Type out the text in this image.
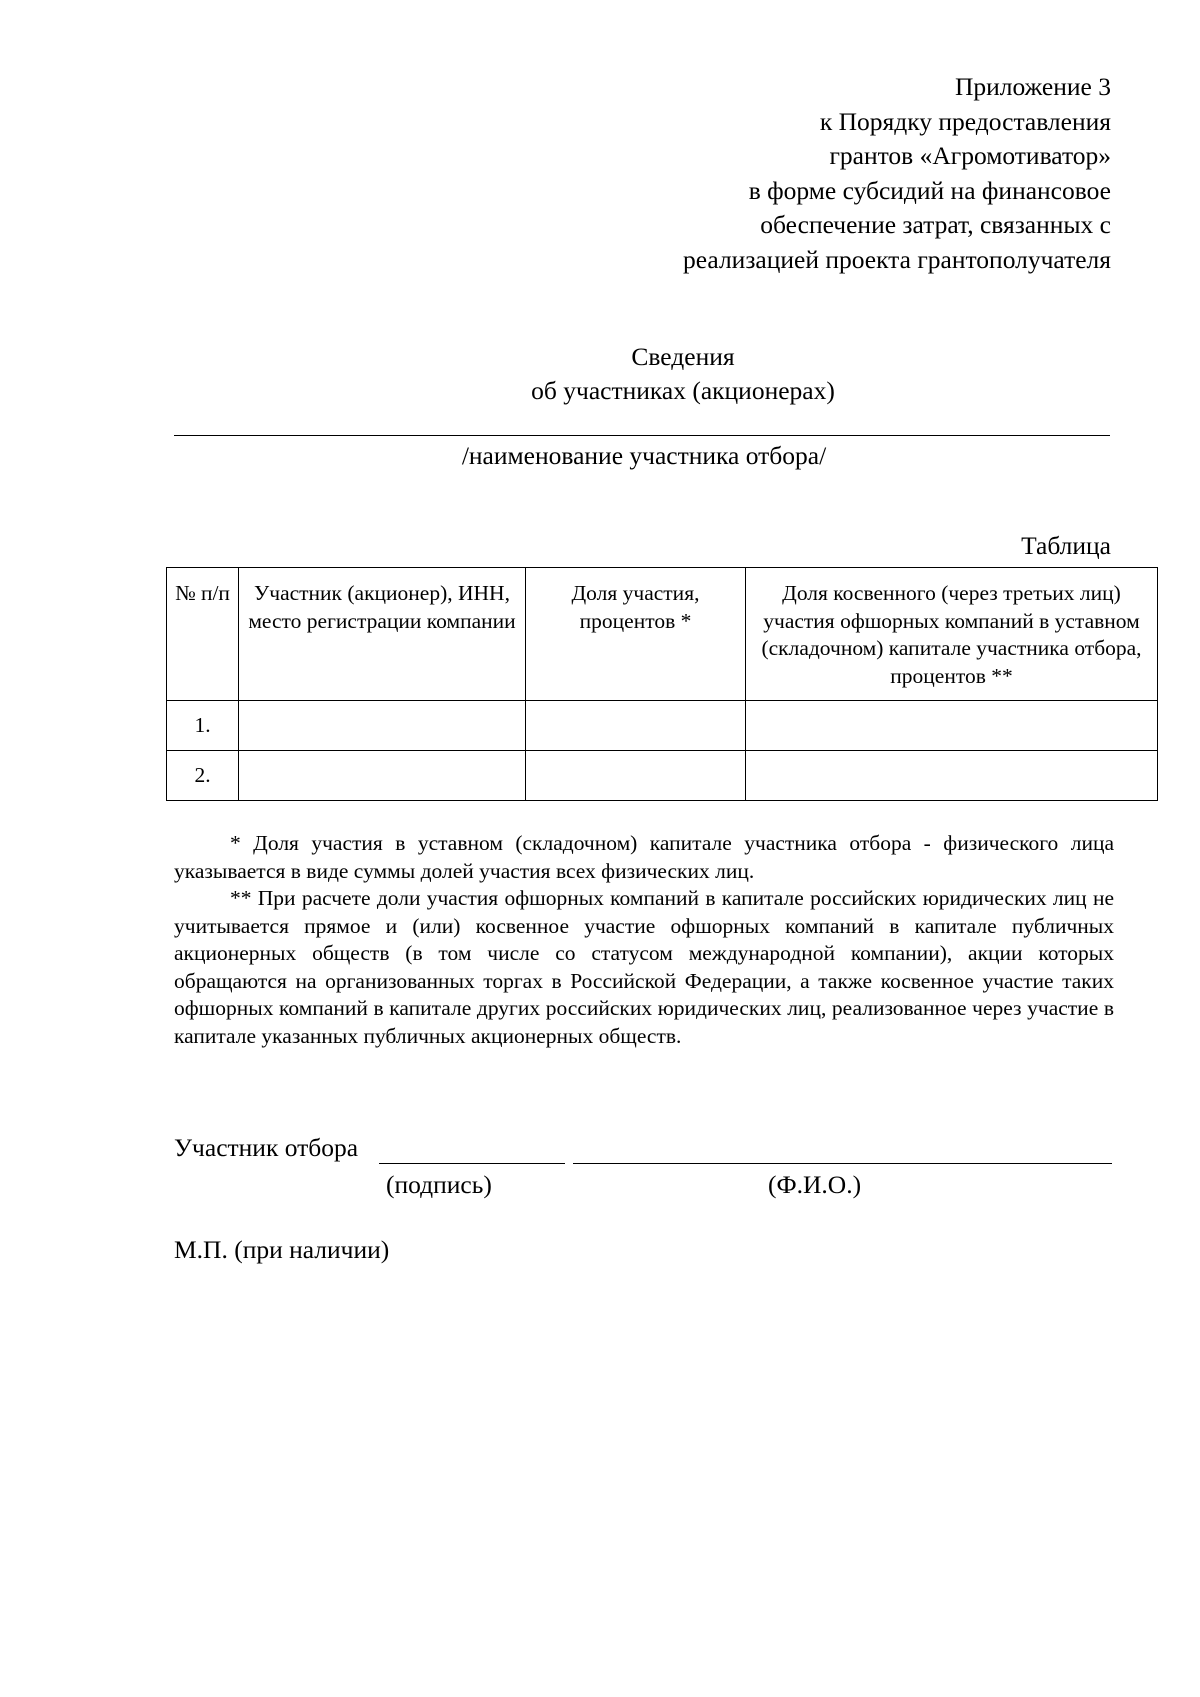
Приложение 3
к Порядку предоставления
грантов «Агромотиватор»
в форме субсидий на финансовое
обеспечение затрат, связанных с
реализацией проекта грантополучателя
Сведения
об участниках (акционерах)
/наименование участника отбора/
Таблица
№ п/п	Участник (акционер), ИНН, место регистрации компании	Доля участия, процентов *	Доля косвенного (через третьих лиц) участия офшорных компаний в уставном (складочном) капитале участника отбора, процентов **
1.			
2.			

* Доля участия в уставном (складочном) капитале участника отбора - физического лица указывается в виде суммы долей участия всех физических лиц.

** При расчете доли участия офшорных компаний в капитале российских юридических лиц не учитывается прямое и (или) косвенное участие офшорных компаний в капитале публичных акционерных обществ (в том числе со статусом международной компании), акции которых обращаются на организованных торгах в Российской Федерации, а также косвенное участие таких офшорных компаний в капитале других российских юридических лиц, реализованное через участие в капитале указанных публичных акционерных обществ.

Участник отбора
(подпись)	(Ф.И.О.)
М.П. (при наличии)
